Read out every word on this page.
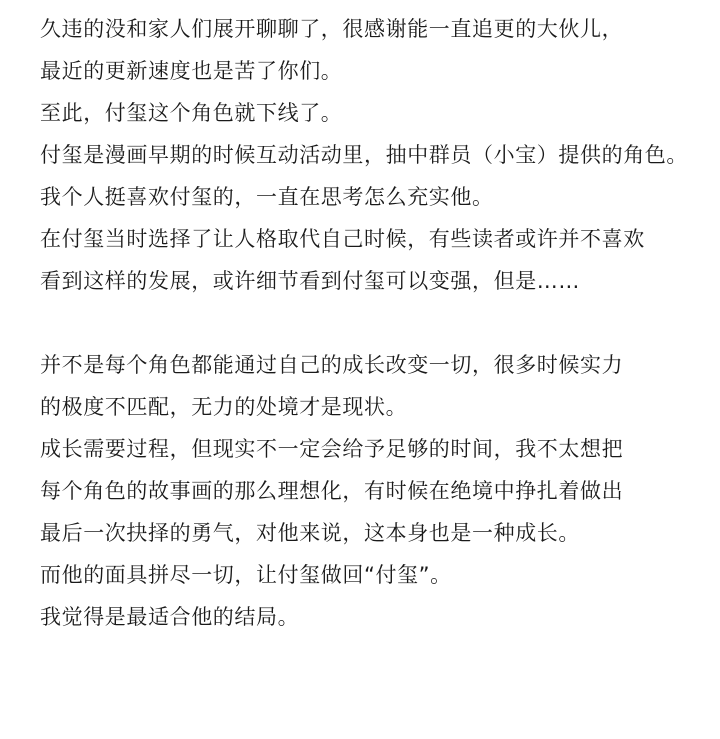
久违的没和家人们展开聊聊了，很感谢能一直追更的大伙儿，
最近的更新速度也是苦了你们。
至此，付玺这个角色就下线了。
付玺是漫画早期的时候互动活动里，抽中群员（小宝）提供的角色。
我个人挺喜欢付玺的，一直在思考怎么充实他。
在付玺当时选择了让人格取代自己时候，有些读者或许并不喜欢
看到这样的发展，或许细节看到付玺可以变强，但是……
并不是每个角色都能通过自己的成长改变一切，很多时候实力
的极度不匹配，无力的处境才是现状。
成长需要过程，但现实不一定会给予足够的时间，我不太想把
每个角色的故事画的那么理想化，有时候在绝境中挣扎着做出
最后一次抉择的勇气，对他来说，这本身也是一种成长。
而他的面具拼尽一切，让付玺做回“付玺”。
我觉得是最适合他的结局。
